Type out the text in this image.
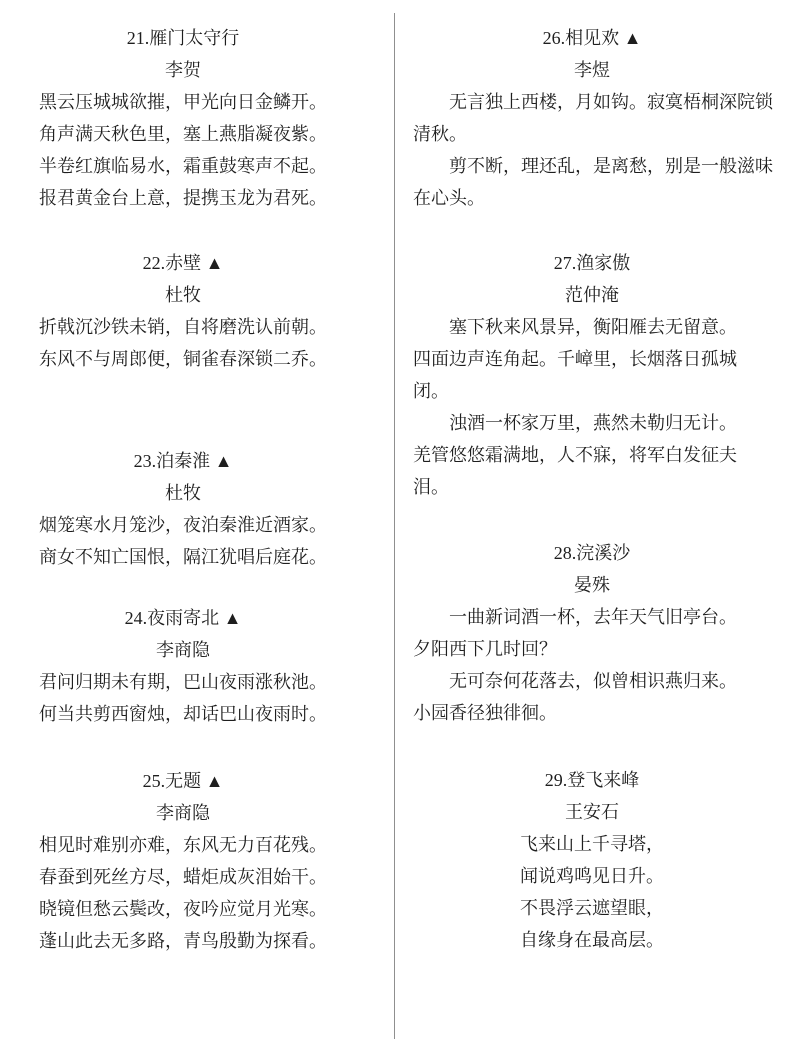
21.雁门太守行
李贺
黑云压城城欲摧，甲光向日金鳞开。
角声满天秋色里，塞上燕脂凝夜紫。
半卷红旗临易水，霜重鼓寒声不起。
报君黄金台上意，提携玉龙为君死。
22.赤壁 ▲
杜牧
折戟沉沙铁未销，自将磨洗认前朝。
东风不与周郎便，铜雀春深锁二乔。
23.泊秦淮 ▲
杜牧
烟笼寒水月笼沙，夜泊秦淮近酒家。
商女不知亡国恨，隔江犹唱后庭花。
24.夜雨寄北 ▲
李商隐
君问归期未有期，巴山夜雨涨秋池。
何当共剪西窗烛，却话巴山夜雨时。
25.无题 ▲
李商隐
相见时难别亦难，东风无力百花残。
春蚕到死丝方尽，蜡炬成灰泪始干。
晓镜但愁云鬓改，夜吟应觉月光寒。
蓬山此去无多路，青鸟殷勤为探看。
26.相见欢 ▲
李煜
无言独上西楼，月如钩。寂寞梧桐深院锁
清秋。
剪不断，理还乱，是离愁，别是一般滋味
在心头。
27.渔家傲
范仲淹
塞下秋来风景异，衡阳雁去无留意。
四面边声连角起。千嶂里，长烟落日孤城
闭。
浊酒一杯家万里，燕然未勒归无计。
羌管悠悠霜满地，人不寐，将军白发征夫
泪。
28.浣溪沙
晏殊
一曲新词酒一杯，去年天气旧亭台。
夕阳西下几时回？
无可奈何花落去，似曾相识燕归来。
小园香径独徘徊。
29.登飞来峰
王安石
飞来山上千寻塔，
闻说鸡鸣见日升。
不畏浮云遮望眼，
自缘身在最高层。
